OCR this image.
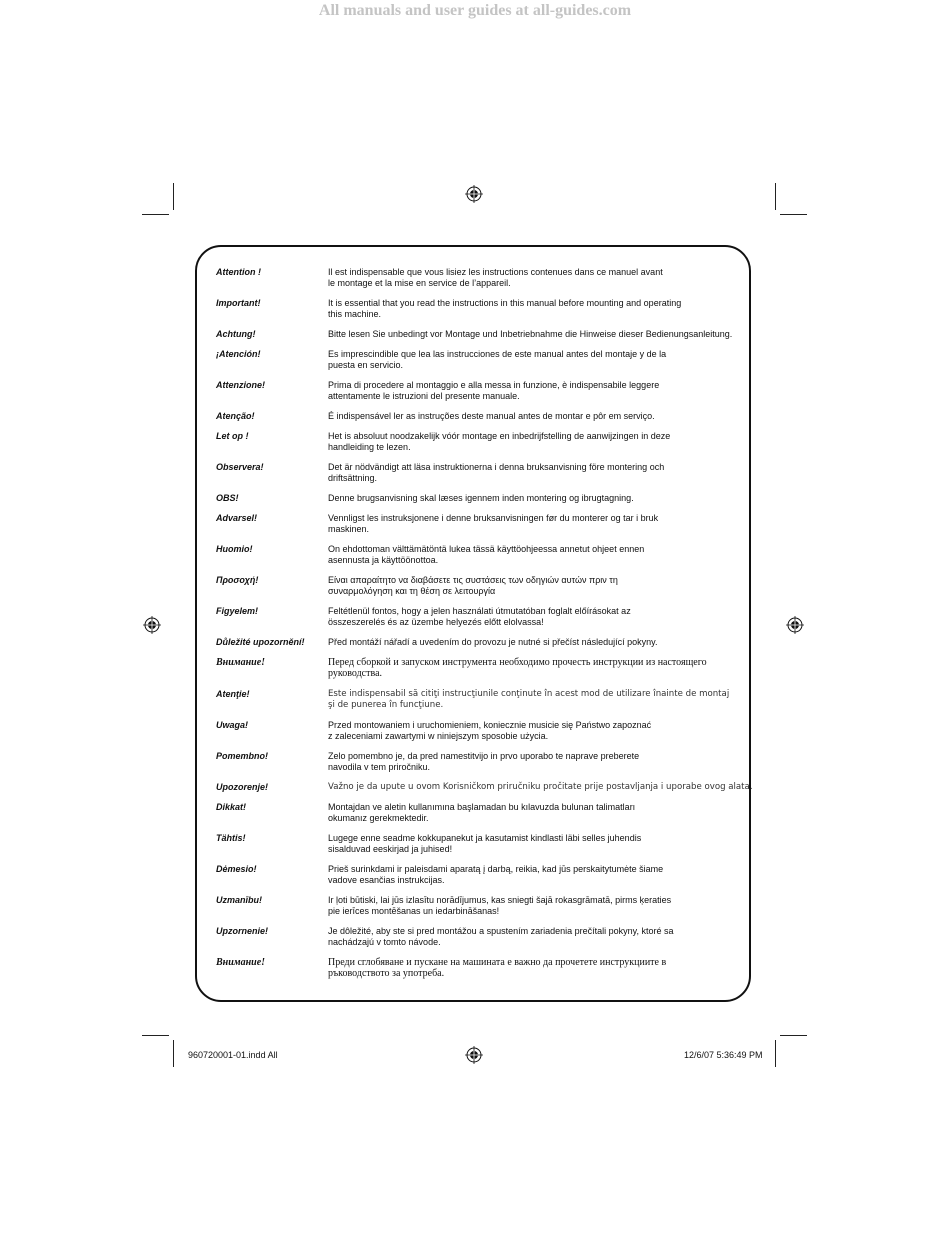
All manuals and user guides at all-guides.com
Attention !	Il est indispensable que vous lisiez les instructions contenues dans ce manuel avant
le montage et la mise en service de l’appareil.
Important!	It is essential that you read the instructions in this manual before mounting and operating
this machine.
Achtung!	Bitte lesen Sie unbedingt vor Montage und Inbetriebnahme die Hinweise dieser Bedienungsanleitung.
¡Atención!	Es imprescindible que lea las instrucciones de este manual antes del montaje y de la
puesta en servicio.
Attenzione!	Prima di procedere al montaggio e alla messa in funzione, è indispensabile leggere
attentamente le istruzioni del presente manuale.
Atenção!	É indispensável ler as instruções deste manual antes de montar e pôr em serviço.
Let op !	Het is absoluut noodzakelijk vóór montage en inbedrijfstelling de aanwijzingen in deze
handleiding te lezen.
Observera!	Det är nödvändigt att läsa instruktionerna i denna bruksanvisning före montering och
driftsättning.
OBS!	Denne brugsanvisning skal læses igennem inden montering og ibrugtagning.
Advarsel!	Vennligst les instruksjonene i denne bruksanvisningen før du monterer og tar i bruk
maskinen.
Huomio!	On ehdottoman välttämätöntä lukea tässä käyttöohjeessa annetut ohjeet ennen
asennusta ja käyttöönottoa.
Προσοχή!	Είναι απαραίτητο να διαβάσετε τις συστάσεις των οδηγιών αυτών πριν τη
συναρμολόγηση και τη θέση σε λειτουργία
Figyelem!	Feltétlenül fontos, hogy a jelen használati útmutatóban foglalt előírásokat az
összeszerelés és az üzembe helyezés előtt elolvassa!
Důležité upozornění!	Před montáží nářadí a uvedením do provozu je nutné si přečíst následující pokyny.
Внимание!	Перед сборкой и запуском инструмента необходимо прочесть инструкции из настоящего
руководства.
Atenţie!	Este indispensabil să citiţi instrucţiunile conţinute în acest mod de utilizare înainte de montaj
şi de punerea în funcţiune.
Uwaga!	Przed montowaniem i uruchomieniem, koniecznie musicie się Państwo zapoznać
z zaleceniami zawartymi w niniejszym sposobie użycia.
Pomembno!	Zelo pomembno je, da pred namestitvijo in prvo uporabo te naprave preberete
navodila v tem priročniku.
Upozorenje!	Važno je da upute u ovom Korisničkom priručniku pročitate prije postavljanja i uporabe ovog alata.
Dikkat!	Montajdan ve aletin kullanımına başlamadan bu kılavuzda bulunan talimatları
okumanız gerekmektedir.
Tähtis!	Lugege enne seadme kokkupanekut ja kasutamist kindlasti läbi selles juhendis
sisalduvad eeskirjad ja juhised!
Dėmesio!	Prieš surinkdami ir paleisdami aparatą į darbą, reikia, kad jūs perskaitytumėte šiame
vadove esančias instrukcijas.
Uzmanību!	Ir ļoti būtiski, lai jūs izlasītu norādījumus, kas sniegti šajā rokasgrāmatā, pirms ķeraties
pie ierīces montēšanas un iedarbināšanas!
Upzornenie!	Je dôležité, aby ste si pred montážou a spustením zariadenia prečítali pokyny, ktoré sa
nachádzajú v tomto návode.
Внимание!	Преди сглобяване и пускане на машината е важно да прочетете инструкциите в
ръководството за употреба.
960720001-01.indd All	12/6/07 5:36:49 PM
